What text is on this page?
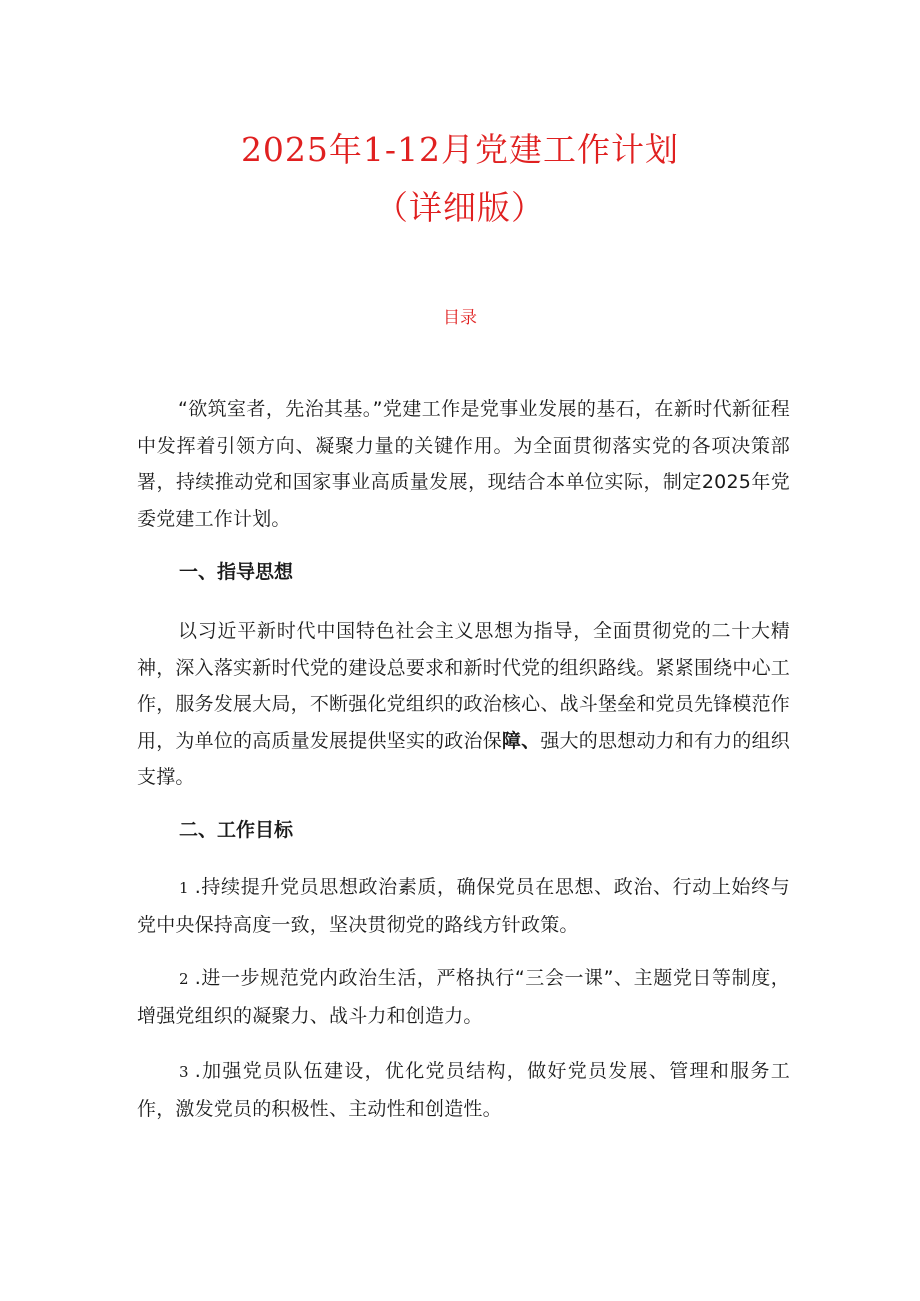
2025年1-12月党建工作计划
（详细版）

目录

“欲筑室者，先治其基。”党建工作是党事业发展的基石，在新时代新征程中发挥着引领方向、凝聚力量的关键作用。为全面贯彻落实党的各项决策部署，持续推动党和国家事业高质量发展，现结合本单位实际，制定2025年党委党建工作计划。

一、指导思想

以习近平新时代中国特色社会主义思想为指导，全面贯彻党的二十大精神，深入落实新时代党的建设总要求和新时代党的组织路线。紧紧围绕中心工作，服务发展大局，不断强化党组织的政治核心、战斗堡垒和党员先锋模范作用，为单位的高质量发展提供坚实的政治保障、强大的思想动力和有力的组织支撑。

二、工作目标

1 .持续提升党员思想政治素质，确保党员在思想、政治、行动上始终与党中央保持高度一致，坚决贯彻党的路线方针政策。

2 .进一步规范党内政治生活，严格执行“三会一课”、主题党日等制度，增强党组织的凝聚力、战斗力和创造力。

3 .加强党员队伍建设，优化党员结构，做好党员发展、管理和服务工作，激发党员的积极性、主动性和创造性。
